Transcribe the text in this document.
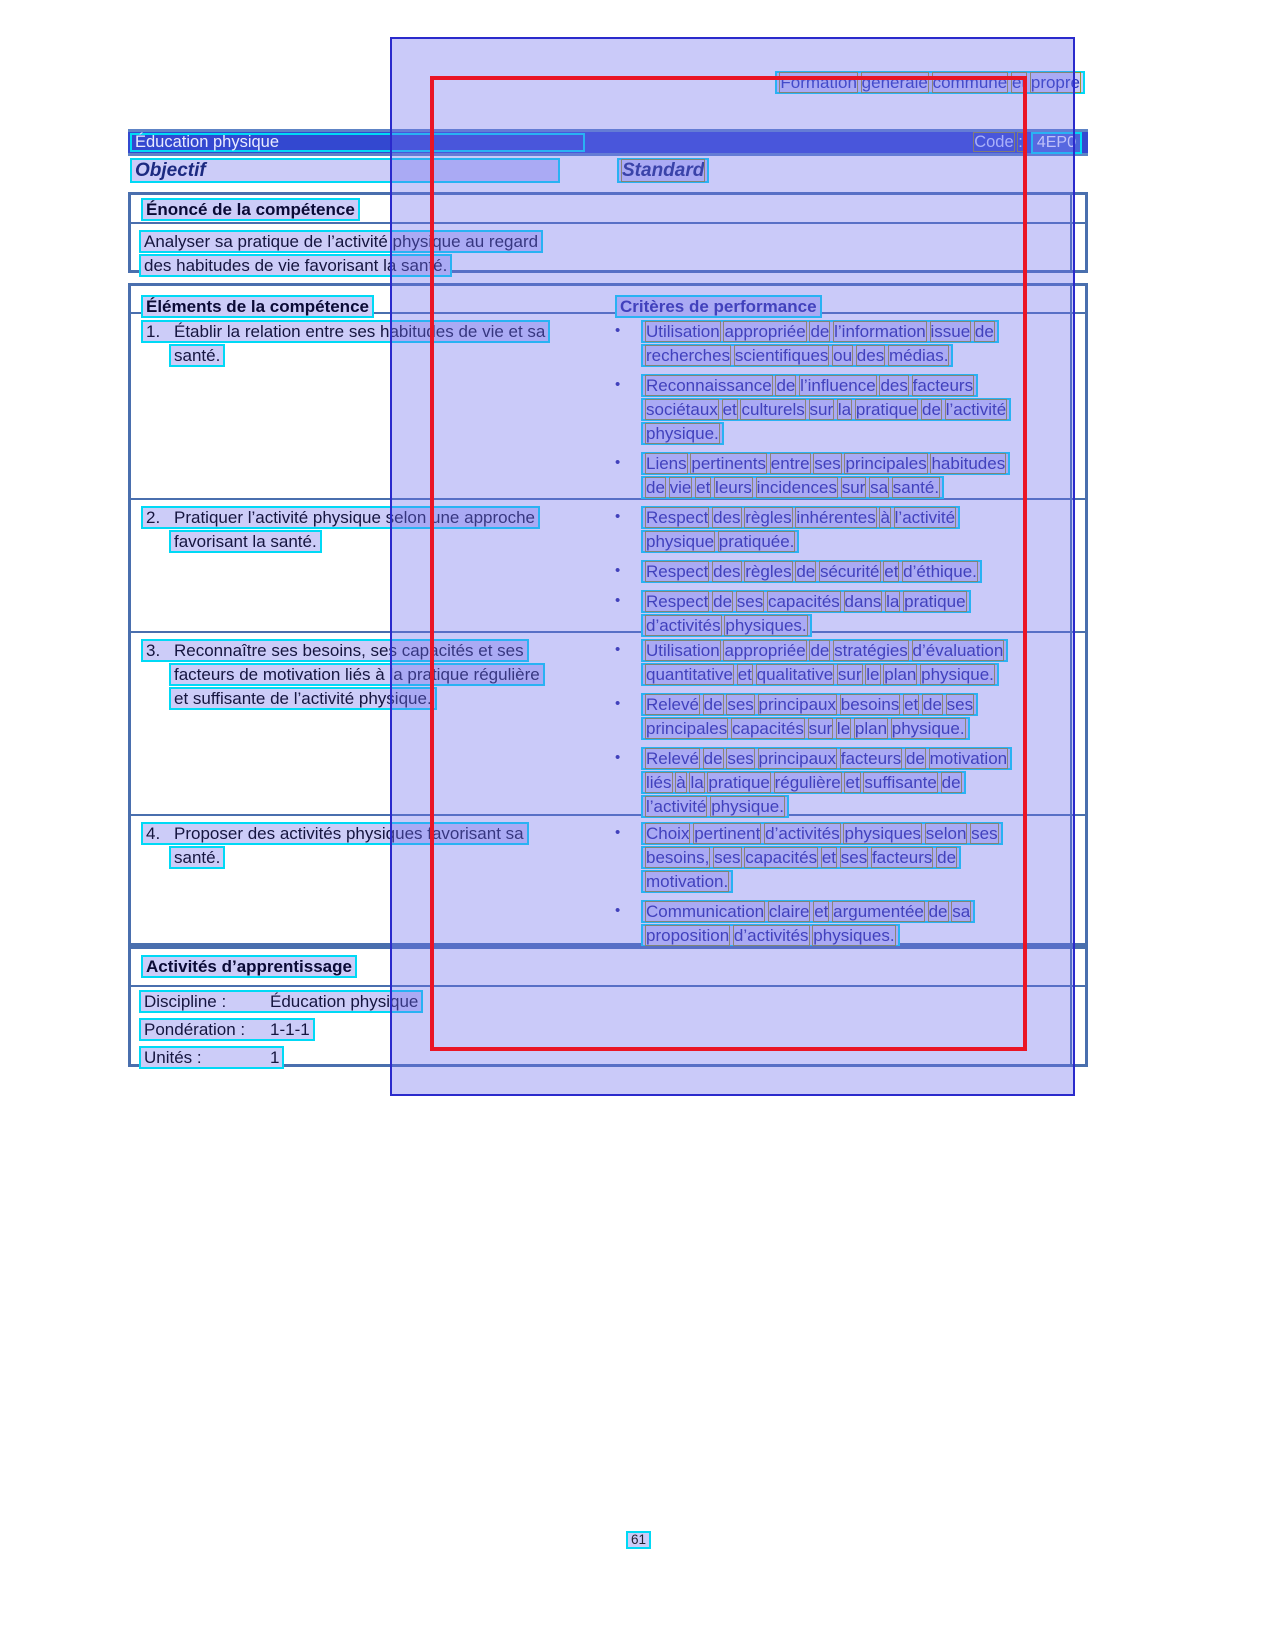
Formation générale commune et propre
Éducation physique	Code : 4EP0
Objectif	Standard
Énoncé de la compétence
Analyser sa pratique de l’activité physique au regard
des habitudes de vie favorisant la santé.
Éléments de la compétence	Critères de performance
1. Établir la relation entre ses habitudes de vie et sa
santé.
•	Utilisation appropriée de l’information issue de
recherches scientifiques ou des médias.
•	Reconnaissance de l’influence des facteurs
sociétaux et culturels sur la pratique de l’activité
physique.
•	Liens pertinents entre ses principales habitudes
de vie et leurs incidences sur sa santé.
2. Pratiquer l’activité physique selon une approche
favorisant la santé.
•	Respect des règles inhérentes à l’activité
physique pratiquée.
•	Respect des règles de sécurité et d’éthique.
•	Respect de ses capacités dans la pratique
d’activités physiques.
3. Reconnaître ses besoins, ses capacités et ses
facteurs de motivation liés à la pratique régulière
et suffisante de l’activité physique.
•	Utilisation appropriée de stratégies d’évaluation
quantitative et qualitative sur le plan physique.
•	Relevé de ses principaux besoins et de ses
principales capacités sur le plan physique.
•	Relevé de ses principaux facteurs de motivation
liés à la pratique régulière et suffisante de
l’activité physique.
4. Proposer des activités physiques favorisant sa
santé.
•	Choix pertinent d’activités physiques selon ses
besoins, ses capacités et ses facteurs de
motivation.
•	Communication claire et argumentée de sa
proposition d’activités physiques.
Activités d’apprentissage
Discipline :	Éducation physique
Pondération : 1-1-1
Unités :	1
61
